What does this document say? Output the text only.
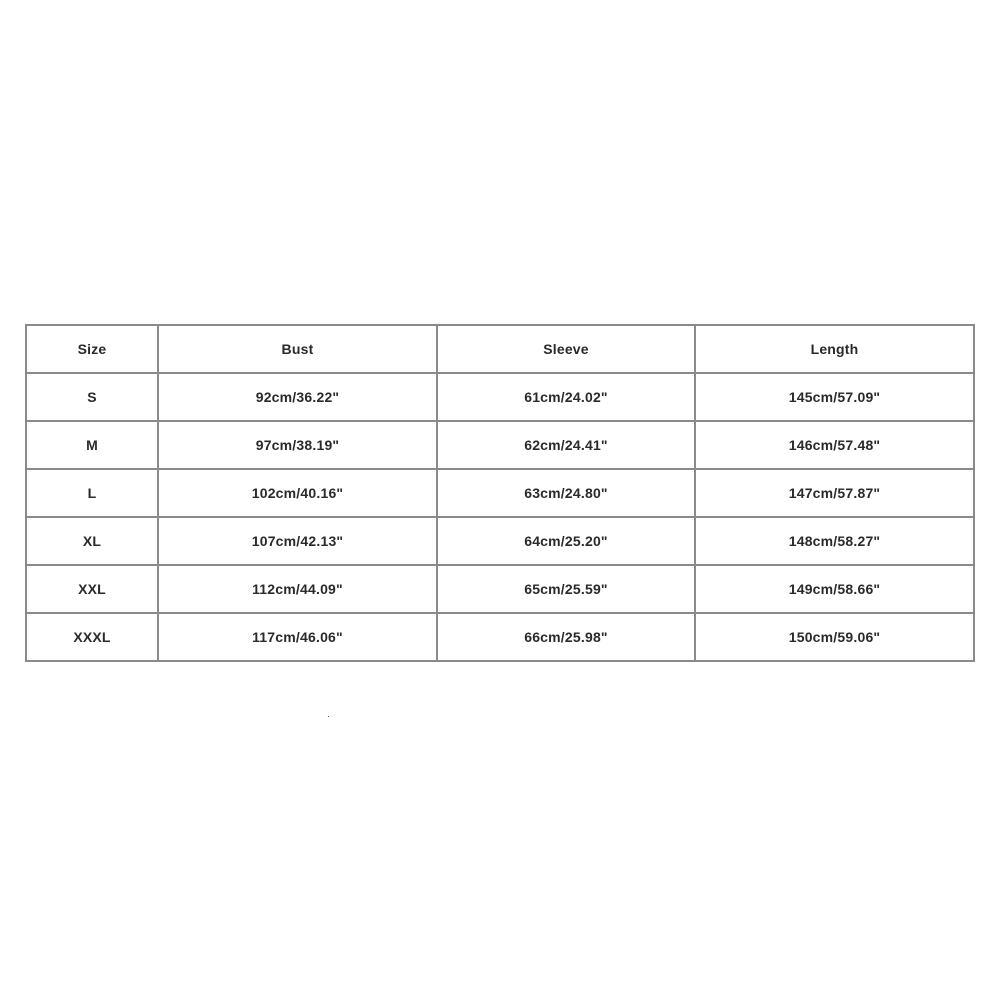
Size	Bust	Sleeve	Length
S	92cm/36.22"	61cm/24.02"	145cm/57.09"
M	97cm/38.19"	62cm/24.41"	146cm/57.48"
L	102cm/40.16"	63cm/24.80"	147cm/57.87"
XL	107cm/42.13"	64cm/25.20"	148cm/58.27"
XXL	112cm/44.09"	65cm/25.59"	149cm/58.66"
XXXL	117cm/46.06"	66cm/25.98"	150cm/59.06"
